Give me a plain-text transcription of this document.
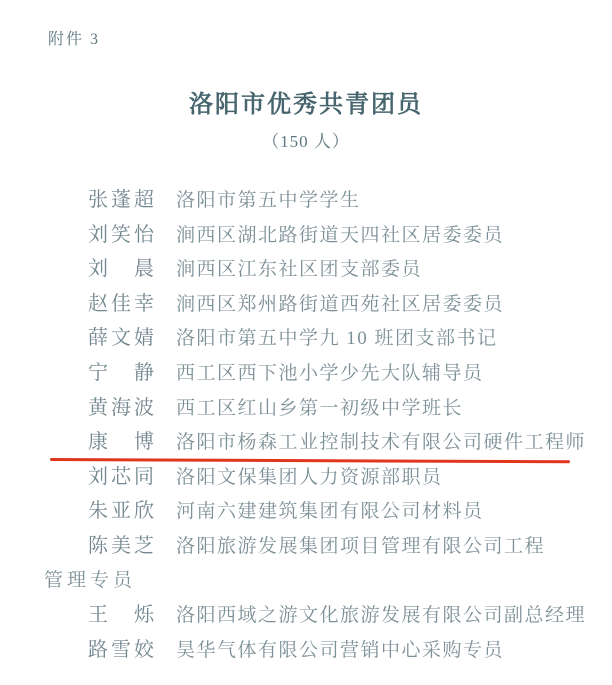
附件 3
洛阳市优秀共青团员
（150 人）
张蓬超 洛阳市第五中学学生
刘笑怡 涧西区湖北路街道天四社区居委委员
刘晨 涧西区江东社区团支部委员
赵佳幸 涧西区郑州路街道西苑社区居委委员
薛文婧 洛阳市第五中学九 10 班团支部书记
宁静 西工区西下池小学少先大队辅导员
黄海波 西工区红山乡第一初级中学班长
康博 洛阳市杨森工业控制技术有限公司硬件工程师
刘芯同 洛阳文保集团人力资源部职员
朱亚欣 河南六建建筑集团有限公司材料员
陈美芝 洛阳旅游发展集团项目管理有限公司工程
管理专员
王烁 洛阳西域之游文化旅游发展有限公司副总经理
路雪姣 昊华气体有限公司营销中心采购专员
